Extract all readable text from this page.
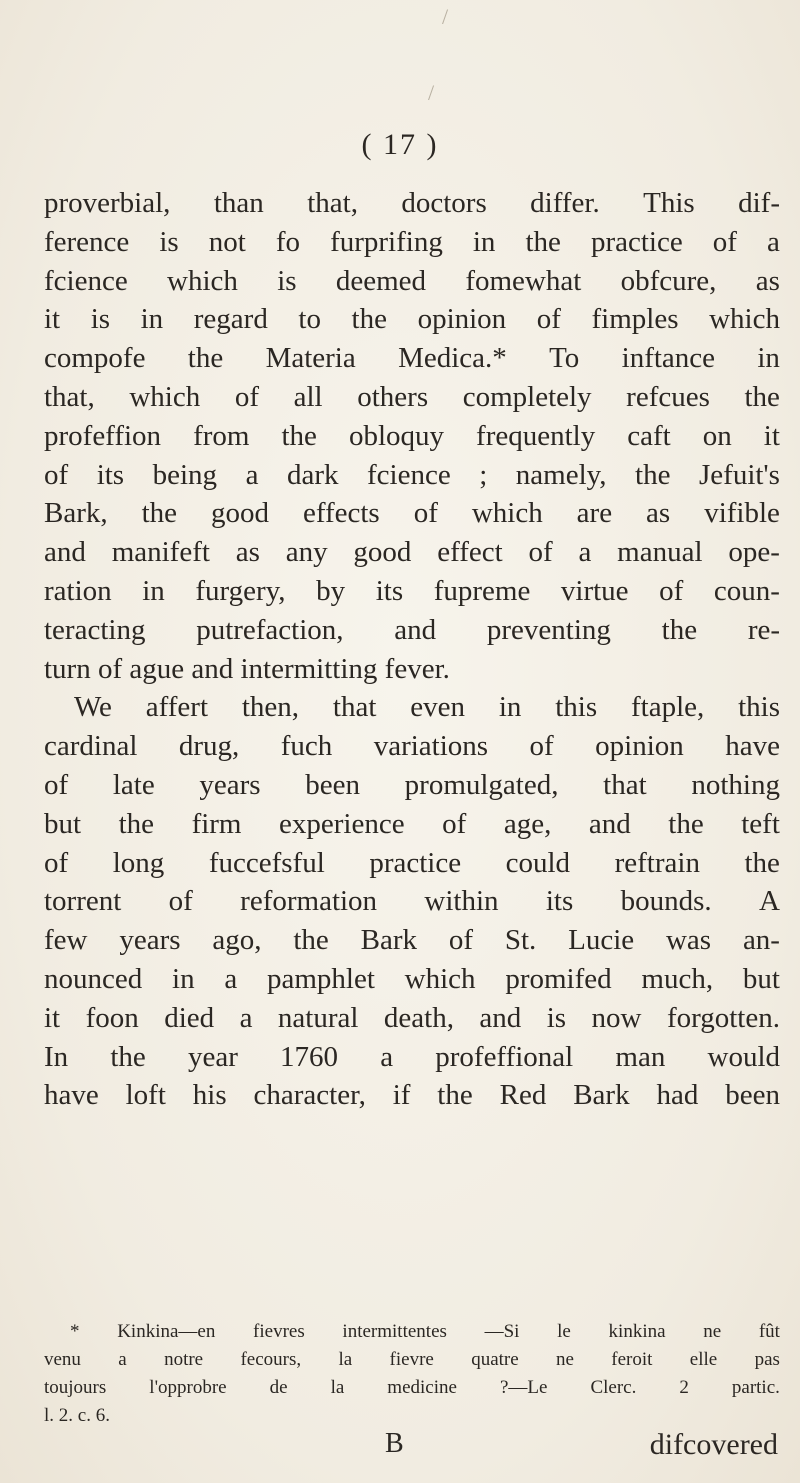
/
/
( 17 )
proverbial, than that, doctors differ. This dif-
ference is not fo furprifing in the practice of a
fcience which is deemed fomewhat obfcure, as
it is in regard to the opinion of fimples which
compofe the Materia Medica.* To inftance in
that, which of all others completely refcues the
profeffion from the obloquy frequently caft on it
of its being a dark fcience ; namely, the Jefuit's
Bark, the good effects of which are as vifible
and manifeft as any good effect of a manual ope-
ration in furgery, by its fupreme virtue of coun-
teracting putrefaction, and preventing the re-
turn of ague and intermitting fever.
We affert then, that even in this ftaple, this
cardinal drug, fuch variations of opinion have
of late years been promulgated, that nothing
but the firm experience of age, and the teft
of long fuccefsful practice could reftrain the
torrent of reformation within its bounds. A
few years ago, the Bark of St. Lucie was an-
nounced in a pamphlet which promifed much, but
it foon died a natural death, and is now forgotten.
In the year 1760 a profeffional man would
have loft his character, if the Red Bark had been
* Kinkina—en fievres intermittentes —Si le kinkina ne fût
venu a notre fecours, la fievre quatre ne feroit elle pas
toujours l'opprobre de la medicine ?—Le Clerc. 2 partic.
l. 2. c. 6.
B	difcovered
